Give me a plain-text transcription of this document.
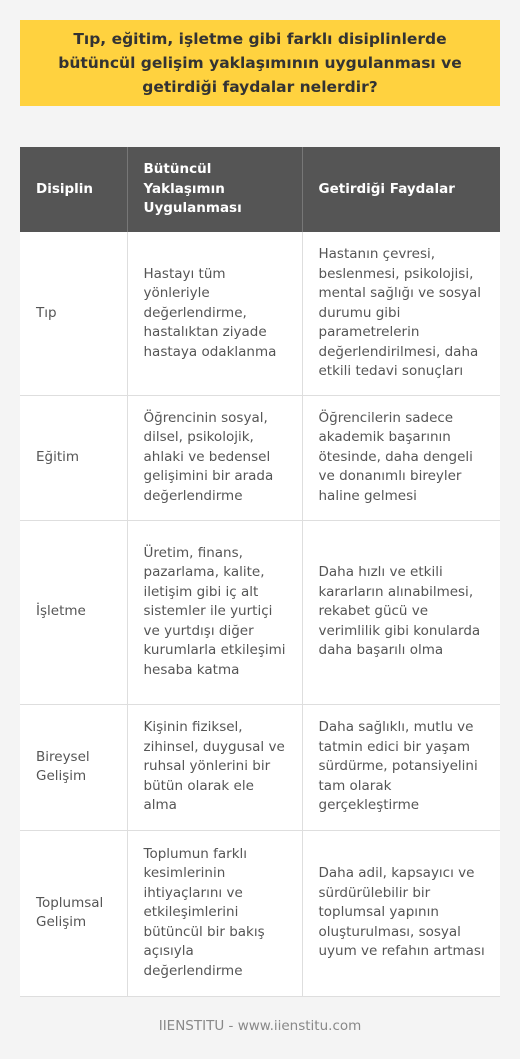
Tıp, eğitim, işletme gibi farklı disiplinlerde bütüncül gelişim yaklaşımının uygulanması ve getirdiği faydalar nelerdir?
Disiplin	Bütüncül Yaklaşımın Uygulanması	Getirdiği Faydalar
Tıp	Hastayı tüm yönleriyle değerlendirme, hastalıktan ziyade hastaya odaklanma	Hastanın çevresi, beslenmesi, psikolojisi, mental sağlığı ve sosyal durumu gibi parametrelerin değerlendirilmesi, daha etkili tedavi sonuçları
Eğitim	Öğrencinin sosyal, dilsel, psikolojik, ahlaki ve bedensel gelişimini bir arada değerlendirme	Öğrencilerin sadece akademik başarının ötesinde, daha dengeli ve donanımlı bireyler haline gelmesi
İşletme	Üretim, finans, pazarlama, kalite, iletişim gibi iç alt sistemler ile yurtiçi ve yurtdışı diğer kurumlarla etkileşimi hesaba katma	Daha hızlı ve etkili kararların alınabilmesi, rekabet gücü ve verimlilik gibi konularda daha başarılı olma
Bireysel Gelişim	Kişinin fiziksel, zihinsel, duygusal ve ruhsal yönlerini bir bütün olarak ele alma	Daha sağlıklı, mutlu ve tatmin edici bir yaşam sürdürme, potansiyelini tam olarak gerçekleştirme
Toplumsal Gelişim	Toplumun farklı kesimlerinin ihtiyaçlarını ve etkileşimlerini bütüncül bir bakış açısıyla değerlendirme	Daha adil, kapsayıcı ve sürdürülebilir bir toplumsal yapının oluşturulması, sosyal uyum ve refahın artması
IIENSTITU - www.iienstitu.com
